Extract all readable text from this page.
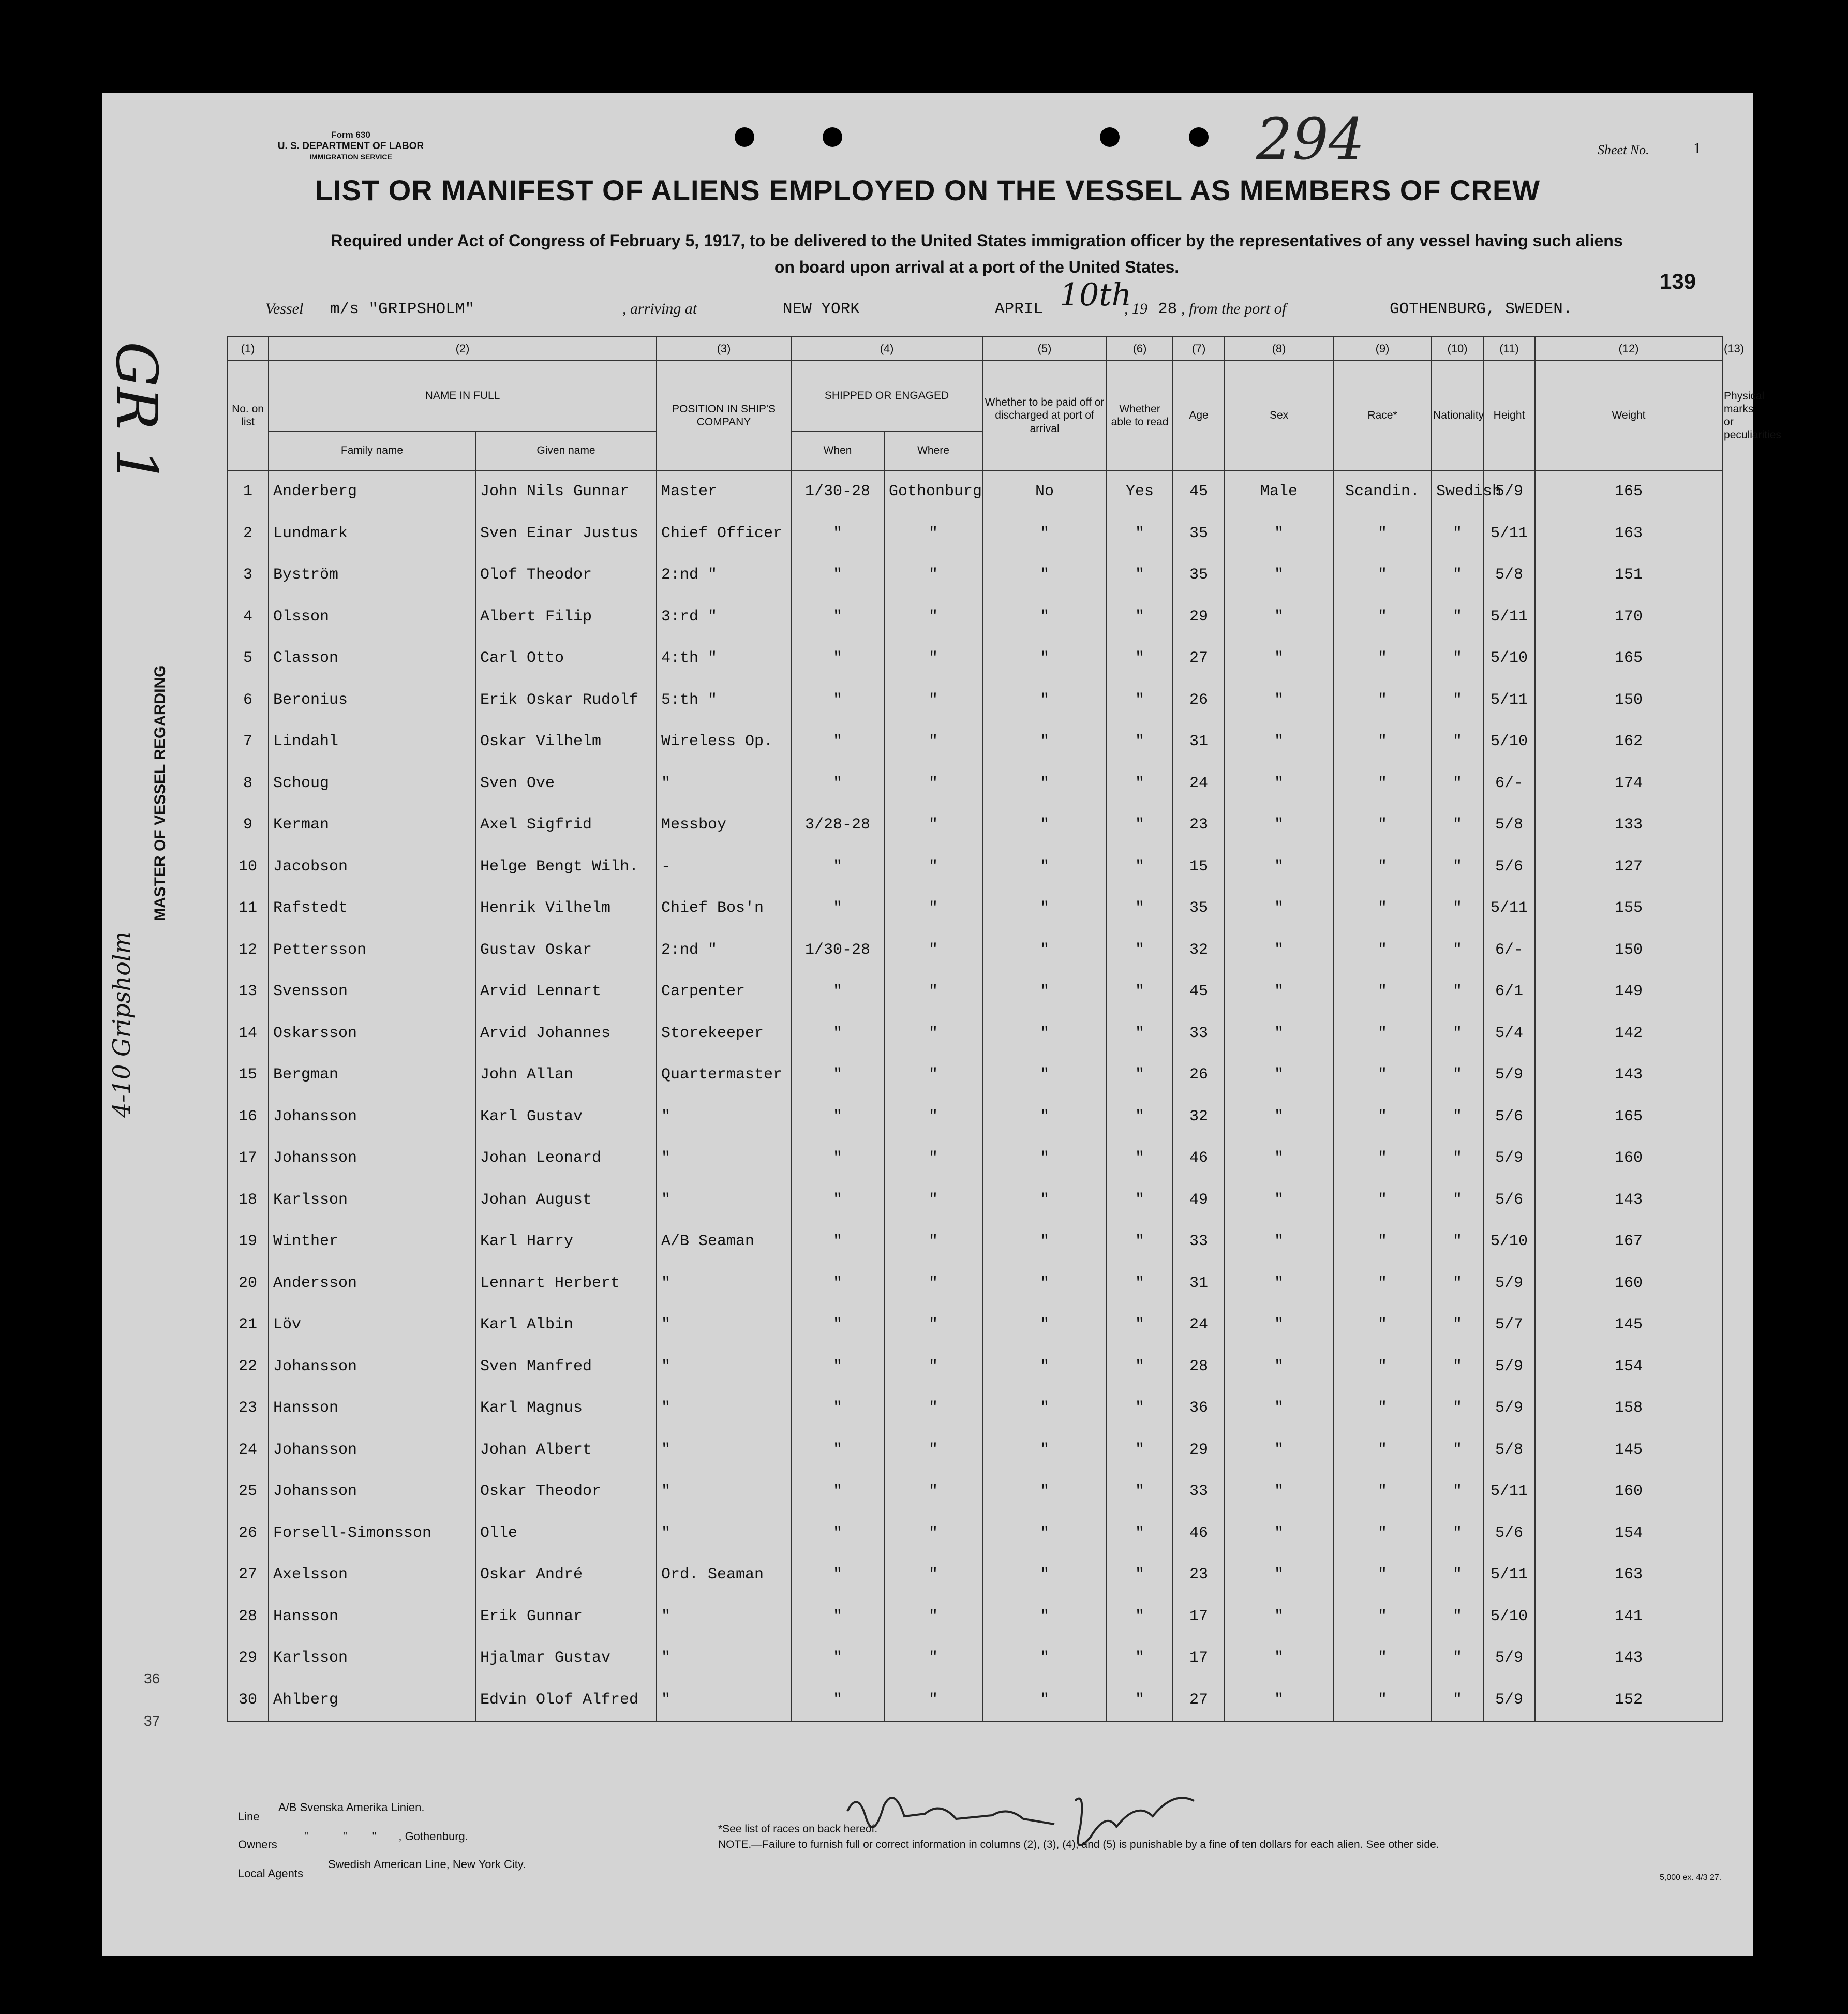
Form 630
U. S. DEPARTMENT OF LABOR
IMMIGRATION SERVICE	294	Sheet No.	1
LIST OR MANIFEST OF ALIENS EMPLOYED ON THE VESSEL AS MEMBERS OF CREW
Required under Act of Congress of February 5, 1917, to be delivered to the United States immigration officer by the representatives of any vessel having such aliens
on board upon arrival at a port of the United States.
139
Vessel m/s "GRIPSHOLM"	, arriving at	NEW YORK	APRIL 10th
, 19 28 , from the port of	GOTHENBURG, SWEDEN.
(1)	(2)		(3)	(4)		(5)	(6)	(7)	(8)	(9)	(10)	(11)	(12)	(13)
No. on list	NAME IN FULL		POSITION IN SHIP'S COMPANY	SHIPPED OR ENGAGED		Whether to be paid off or discharged at port of arrival	Whether able to read	Age	Sex	Race*	Nationality	Height	Weight	Physical marks or peculiarities
	Family name	Given name		When	Where									
1	Anderberg	John Nils Gunnar	Master	1/30-28	Gothonburg	No	Yes	45	Male	Scandin.	Swedish	5/9	165	
2	Lundmark	Sven Einar Justus	Chief Officer	"	"	"	"	35	"	"	"	5/11	163	
3	Byström	Olof Theodor	2:nd "	"	"	"	"	35	"	"	"	5/8	151	
4	Olsson	Albert Filip	3:rd "	"	"	"	"	29	"	"	"	5/11	170	
5	Classon	Carl Otto	4:th "	"	"	"	"	27	"	"	"	5/10	165	
6	Beronius	Erik Oskar Rudolf	5:th "	"	"	"	"	26	"	"	"	5/11	150	
7	Lindahl	Oskar Vilhelm	Wireless Op.	"	"	"	"	31	"	"	"	5/10	162	
8	Schoug	Sven Ove	"	"	"	"	"	24	"	"	"	6/-	174	
9	Kerman	Axel Sigfrid	Messboy	3/28-28	"	"	"	23	"	"	"	5/8	133	
10	Jacobson	Helge Bengt Wilh.	-	"	"	"	"	15	"	"	"	5/6	127	
11	Rafstedt	Henrik Vilhelm	Chief Bos'n	"	"	"	"	35	"	"	"	5/11	155	
12	Pettersson	Gustav Oskar	2:nd "	1/30-28	"	"	"	32	"	"	"	6/-	150	
13	Svensson	Arvid Lennart	Carpenter	"	"	"	"	45	"	"	"	6/1	149	
14	Oskarsson	Arvid Johannes	Storekeeper	"	"	"	"	33	"	"	"	5/4	142	
15	Bergman	John Allan	Quartermaster	"	"	"	"	26	"	"	"	5/9	143	
16	Johansson	Karl Gustav	"	"	"	"	"	32	"	"	"	5/6	165	
17	Johansson	Johan Leonard	"	"	"	"	"	46	"	"	"	5/9	160	
18	Karlsson	Johan August	"	"	"	"	"	49	"	"	"	5/6	143	
19	Winther	Karl Harry	A/B Seaman	"	"	"	"	33	"	"	"	5/10	167	
20	Andersson	Lennart Herbert	"	"	"	"	"	31	"	"	"	5/9	160	
21	Löv	Karl Albin	"	"	"	"	"	24	"	"	"	5/7	145	
22	Johansson	Sven Manfred	"	"	"	"	"	28	"	"	"	5/9	154	
23	Hansson	Karl Magnus	"	"	"	"	"	36	"	"	"	5/9	158	
24	Johansson	Johan Albert	"	"	"	"	"	29	"	"	"	5/8	145	
25	Johansson	Oskar Theodor	"	"	"	"	"	33	"	"	"	5/11	160	
26	Forsell-Simonsson	Olle	"	"	"	"	"	46	"	"	"	5/6	154	
27	Axelsson	Oskar André	Ord. Seaman	"	"	"	"	23	"	"	"	5/11	163	
28	Hansson	Erik Gunnar	"	"	"	"	"	17	"	"	"	5/10	141	
29	Karlsson	Hjalmar Gustav	"	"	"	"	"	17	"	"	"	5/9	143	
30	Ahlberg	Edvin Olof Alfred	"	"	"	"	"	27	"	"	"	5/9	152	
Line
A/B Svenska Amerika Linien.
Owners
"           "        "       , Gothenburg.
Local Agents
Swedish American Line, New York City.
*See list of races on back hereof.
NOTE.—Failure to furnish full or correct information in columns (2), (3), (4), and (5) is punishable by a fine of ten dollars for each alien. See other side.
5,000 ex. 4/3 27.
GR 1
MASTER OF VESSEL REGARDING
4-10 Gripsholm
36
37
